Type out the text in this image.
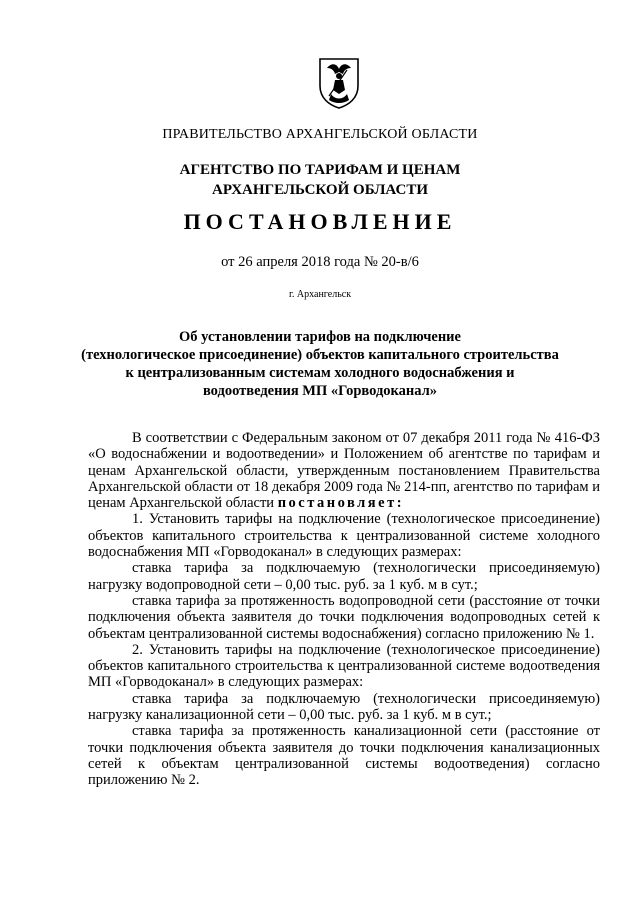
ПРАВИТЕЛЬСТВО АРХАНГЕЛЬСКОЙ ОБЛАСТИ
АГЕНТСТВО ПО ТАРИФАМ И ЦЕНАМ
АРХАНГЕЛЬСКОЙ ОБЛАСТИ
ПОСТАНОВЛЕНИЕ
от 26 апреля 2018 года № 20-в/6
г. Архангельск
Об установлении тарифов на подключение
(технологическое присоединение) объектов капитального строительства
к централизованным системам холодного водоснабжения и
водоотведения МП «Горводоканал»

В соответствии с Федеральным законом от 07 декабря 2011 года № 416-ФЗ «О водоснабжении и водоотведении» и Положением об агентстве по тарифам и ценам Архангельской области, утвержденным постановлением Правительства Архангельской области от 18 декабря 2009 года № 214-пп, агентство по тарифам и ценам Архангельской области постановляет:

1. Установить тарифы на подключение (технологическое присоединение) объектов капитального строительства к централизованной системе холодного водоснабжения МП «Горводоканал» в следующих размерах:

ставка тарифа за подключаемую (технологически присоединяемую) нагрузку водопроводной сети – 0,00 тыс. руб. за 1 куб. м в сут.;

ставка тарифа за протяженность водопроводной сети (расстояние от точки подключения объекта заявителя до точки подключения водопроводных сетей к объектам централизованной системы водоснабжения) согласно приложению № 1.

2. Установить тарифы на подключение (технологическое присоединение) объектов капитального строительства к централизованной системе водоотведения МП «Горводоканал» в следующих размерах:

ставка тарифа за подключаемую (технологически присоединяемую) нагрузку канализационной сети – 0,00 тыс. руб. за 1 куб. м в сут.;

ставка тарифа за протяженность канализационной сети (расстояние от точки подключения объекта заявителя до точки подключения канализационных сетей к объектам централизованной системы водоотведения) согласно приложению № 2.
